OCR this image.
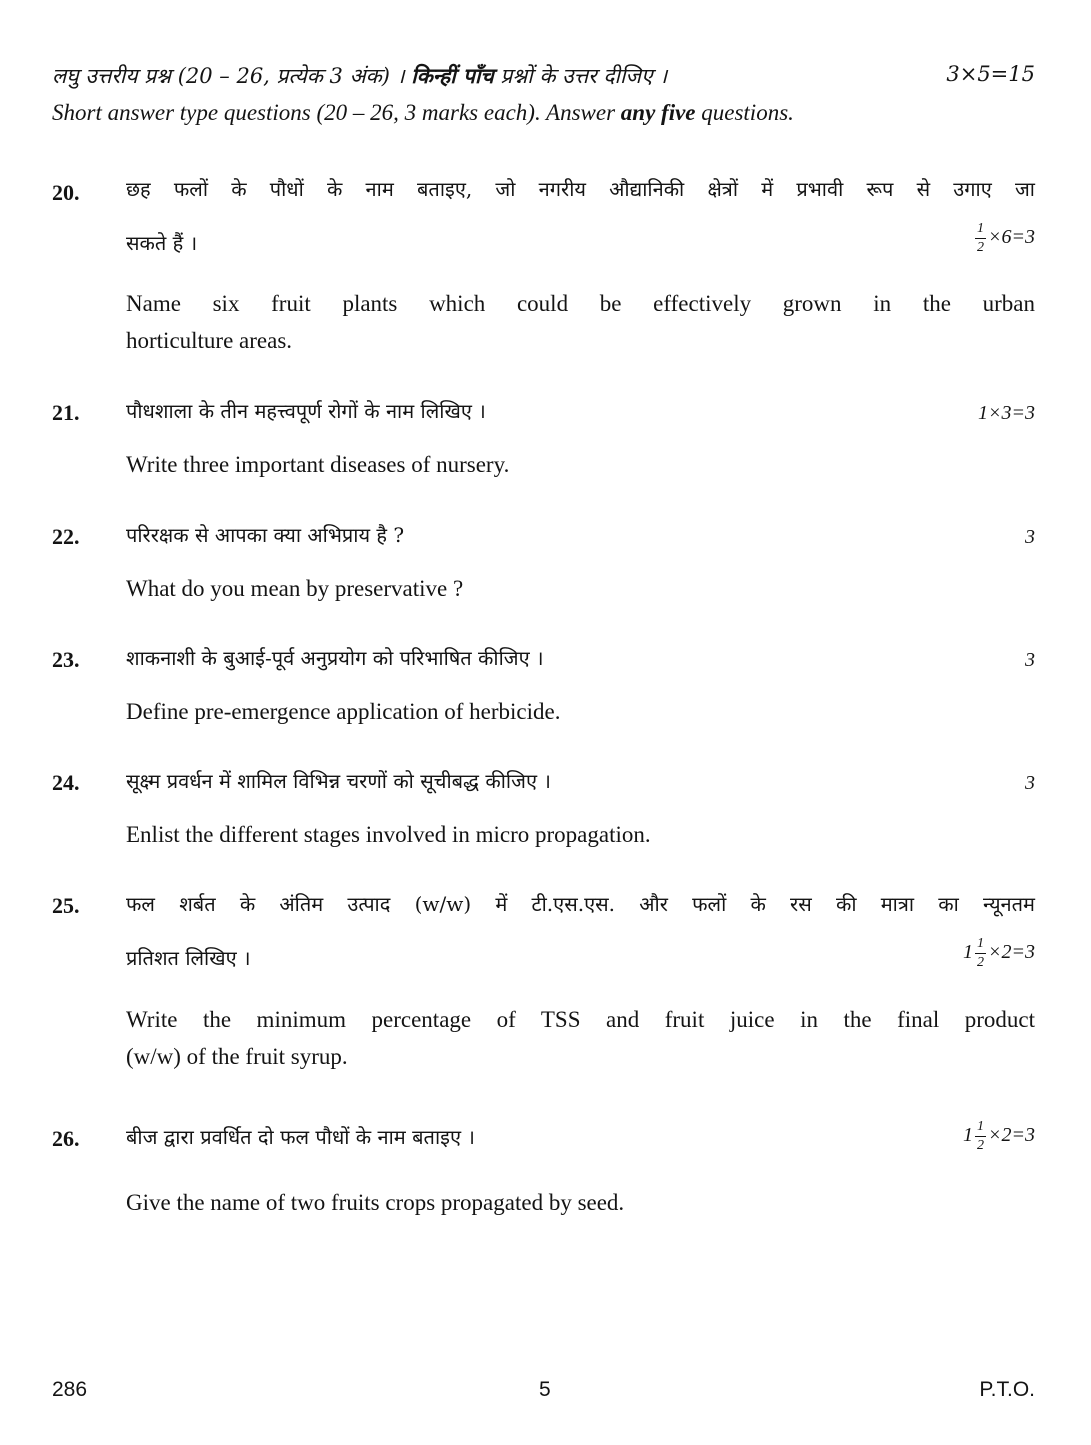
लघु उत्तरीय प्रश्न (20 – 26, प्रत्येक 3 अंक) । किन्हीं पाँच प्रश्नों के उत्तर दीजिए ।	3×5=15
Short answer type questions (20 – 26, 3 marks each). Answer any five questions.
20. छह फलों के पौधों के नाम बताइए, जो नगरीय औद्यानिकी क्षेत्रों में प्रभावी रूप से उगाए जा
सकते हैं ।	$\frac{1}{2} \times 6=3$
Name six fruit plants which could be effectively grown in the urban
horticulture areas.
21. पौधशाला के तीन महत्त्वपूर्ण रोगों के नाम लिखिए ।	1×3=3
Write three important diseases of nursery.
22. परिरक्षक से आपका क्या अभिप्राय है ?	3
What do you mean by preservative ?
23. शाकनाशी के बुआई-पूर्व अनुप्रयोग को परिभाषित कीजिए ।	3
Define pre-emergence application of herbicide.
24. सूक्ष्म प्रवर्धन में शामिल विभिन्न चरणों को सूचीबद्ध कीजिए ।	3
Enlist the different stages involved in micro propagation.
25. फल शर्बत के अंतिम उत्पाद (w/w) में टी.एस.एस. और फलों के रस की मात्रा का न्यूनतम
प्रतिशत लिखिए ।	$1 \frac{1}{2} \times 2=3$
Write the minimum percentage of TSS and fruit juice in the final product
(w/w) of the fruit syrup.
26. बीज द्वारा प्रवर्धित दो फल पौधों के नाम बताइए ।	$1 \frac{1}{2} \times 2=3$
Give the name of two fruits crops propagated by seed.
286	5	P.T.O.
